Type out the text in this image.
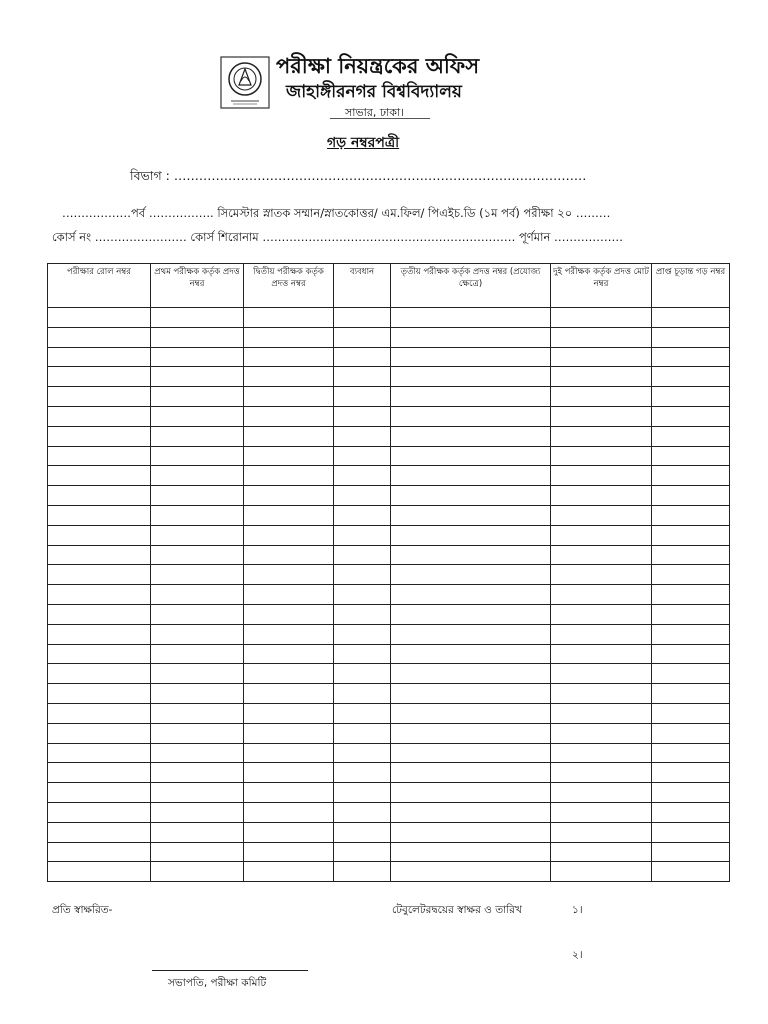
পরীক্ষা নিয়ন্ত্রকের অফিস
জাহাঙ্গীরনগর বিশ্ববিদ্যালয়
সাভার, ঢাকা।
গড় নম্বরপত্রী
বিভাগ : ………………………………………………………………………………………
………………পর্ব …………….. সিমেস্টার স্নাতক সম্মান/স্নাতকোত্তর/ এম.ফিল/ পিএইচ.ডি (১ম পর্ব) পরীক্ষা ২০ ………
কোর্স নং …………………… কোর্স শিরোনাম ………………………………………………………… পূর্ণমান ………………
পরীক্ষার রোল নম্বর	প্রথম পরীক্ষক কর্তৃক প্রদত্ত নম্বর	দ্বিতীয় পরীক্ষক কর্তৃক প্রদত্ত নম্বর	ব্যবধান	তৃতীয় পরীক্ষক কর্তৃক প্রদত্ত নম্বর (প্রযোজ্য ক্ষেত্রে)	দুই পরীক্ষক কর্তৃক প্রদত্ত মোট নম্বর	প্রাপ্ত চূড়ান্ত গড় নম্বর

প্রতি স্বাক্ষরিত-	টেবুলেটরদ্বয়ের স্বাক্ষর ও তারিখ	১।
২।
সভাপতি, পরীক্ষা কমিটি
